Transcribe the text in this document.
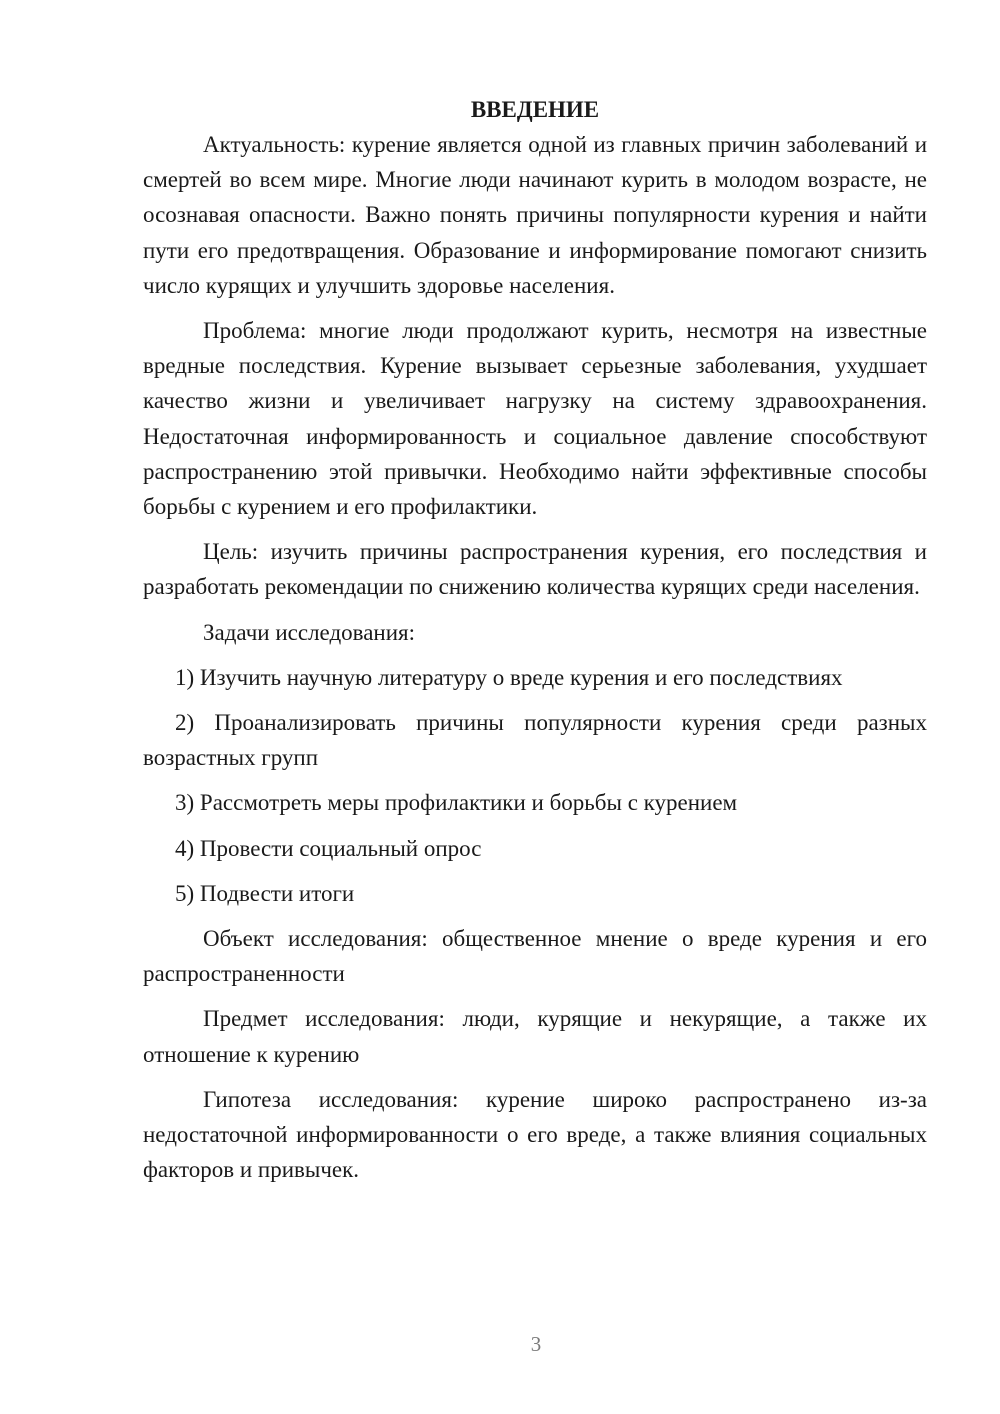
ВВЕДЕНИЕ

Актуальность: курение является одной из главных причин заболеваний и смертей во всем мире. Многие люди начинают курить в молодом возрасте, не осознавая опасности. Важно понять причины популярности курения и найти пути его предотвращения. Образование и информирование помогают снизить число курящих и улучшить здоровье населения.

Проблема: многие люди продолжают курить, несмотря на известные вредные последствия. Курение вызывает серьезные заболевания, ухудшает качество жизни и увеличивает нагрузку на систему здравоохранения. Недостаточная информированность и социальное давление способствуют распространению этой привычки. Необходимо найти эффективные способы борьбы с курением и его профилактики.

Цель: изучить причины распространения курения, его последствия и разработать рекомендации по снижению количества курящих среди населения.

Задачи исследования:

1) Изучить научную литературу о вреде курения и его последствиях

2) Проанализировать причины популярности курения среди разных возрастных групп

3) Рассмотреть меры профилактики и борьбы с курением

4) Провести социальный опрос

5) Подвести итоги

Объект исследования: общественное мнение о вреде курения и его распространенности

Предмет исследования: люди, курящие и некурящие, а также их отношение к курению

Гипотеза исследования: курение широко распространено из-за недостаточной информированности о его вреде, а также влияния социальных факторов и привычек.

3
